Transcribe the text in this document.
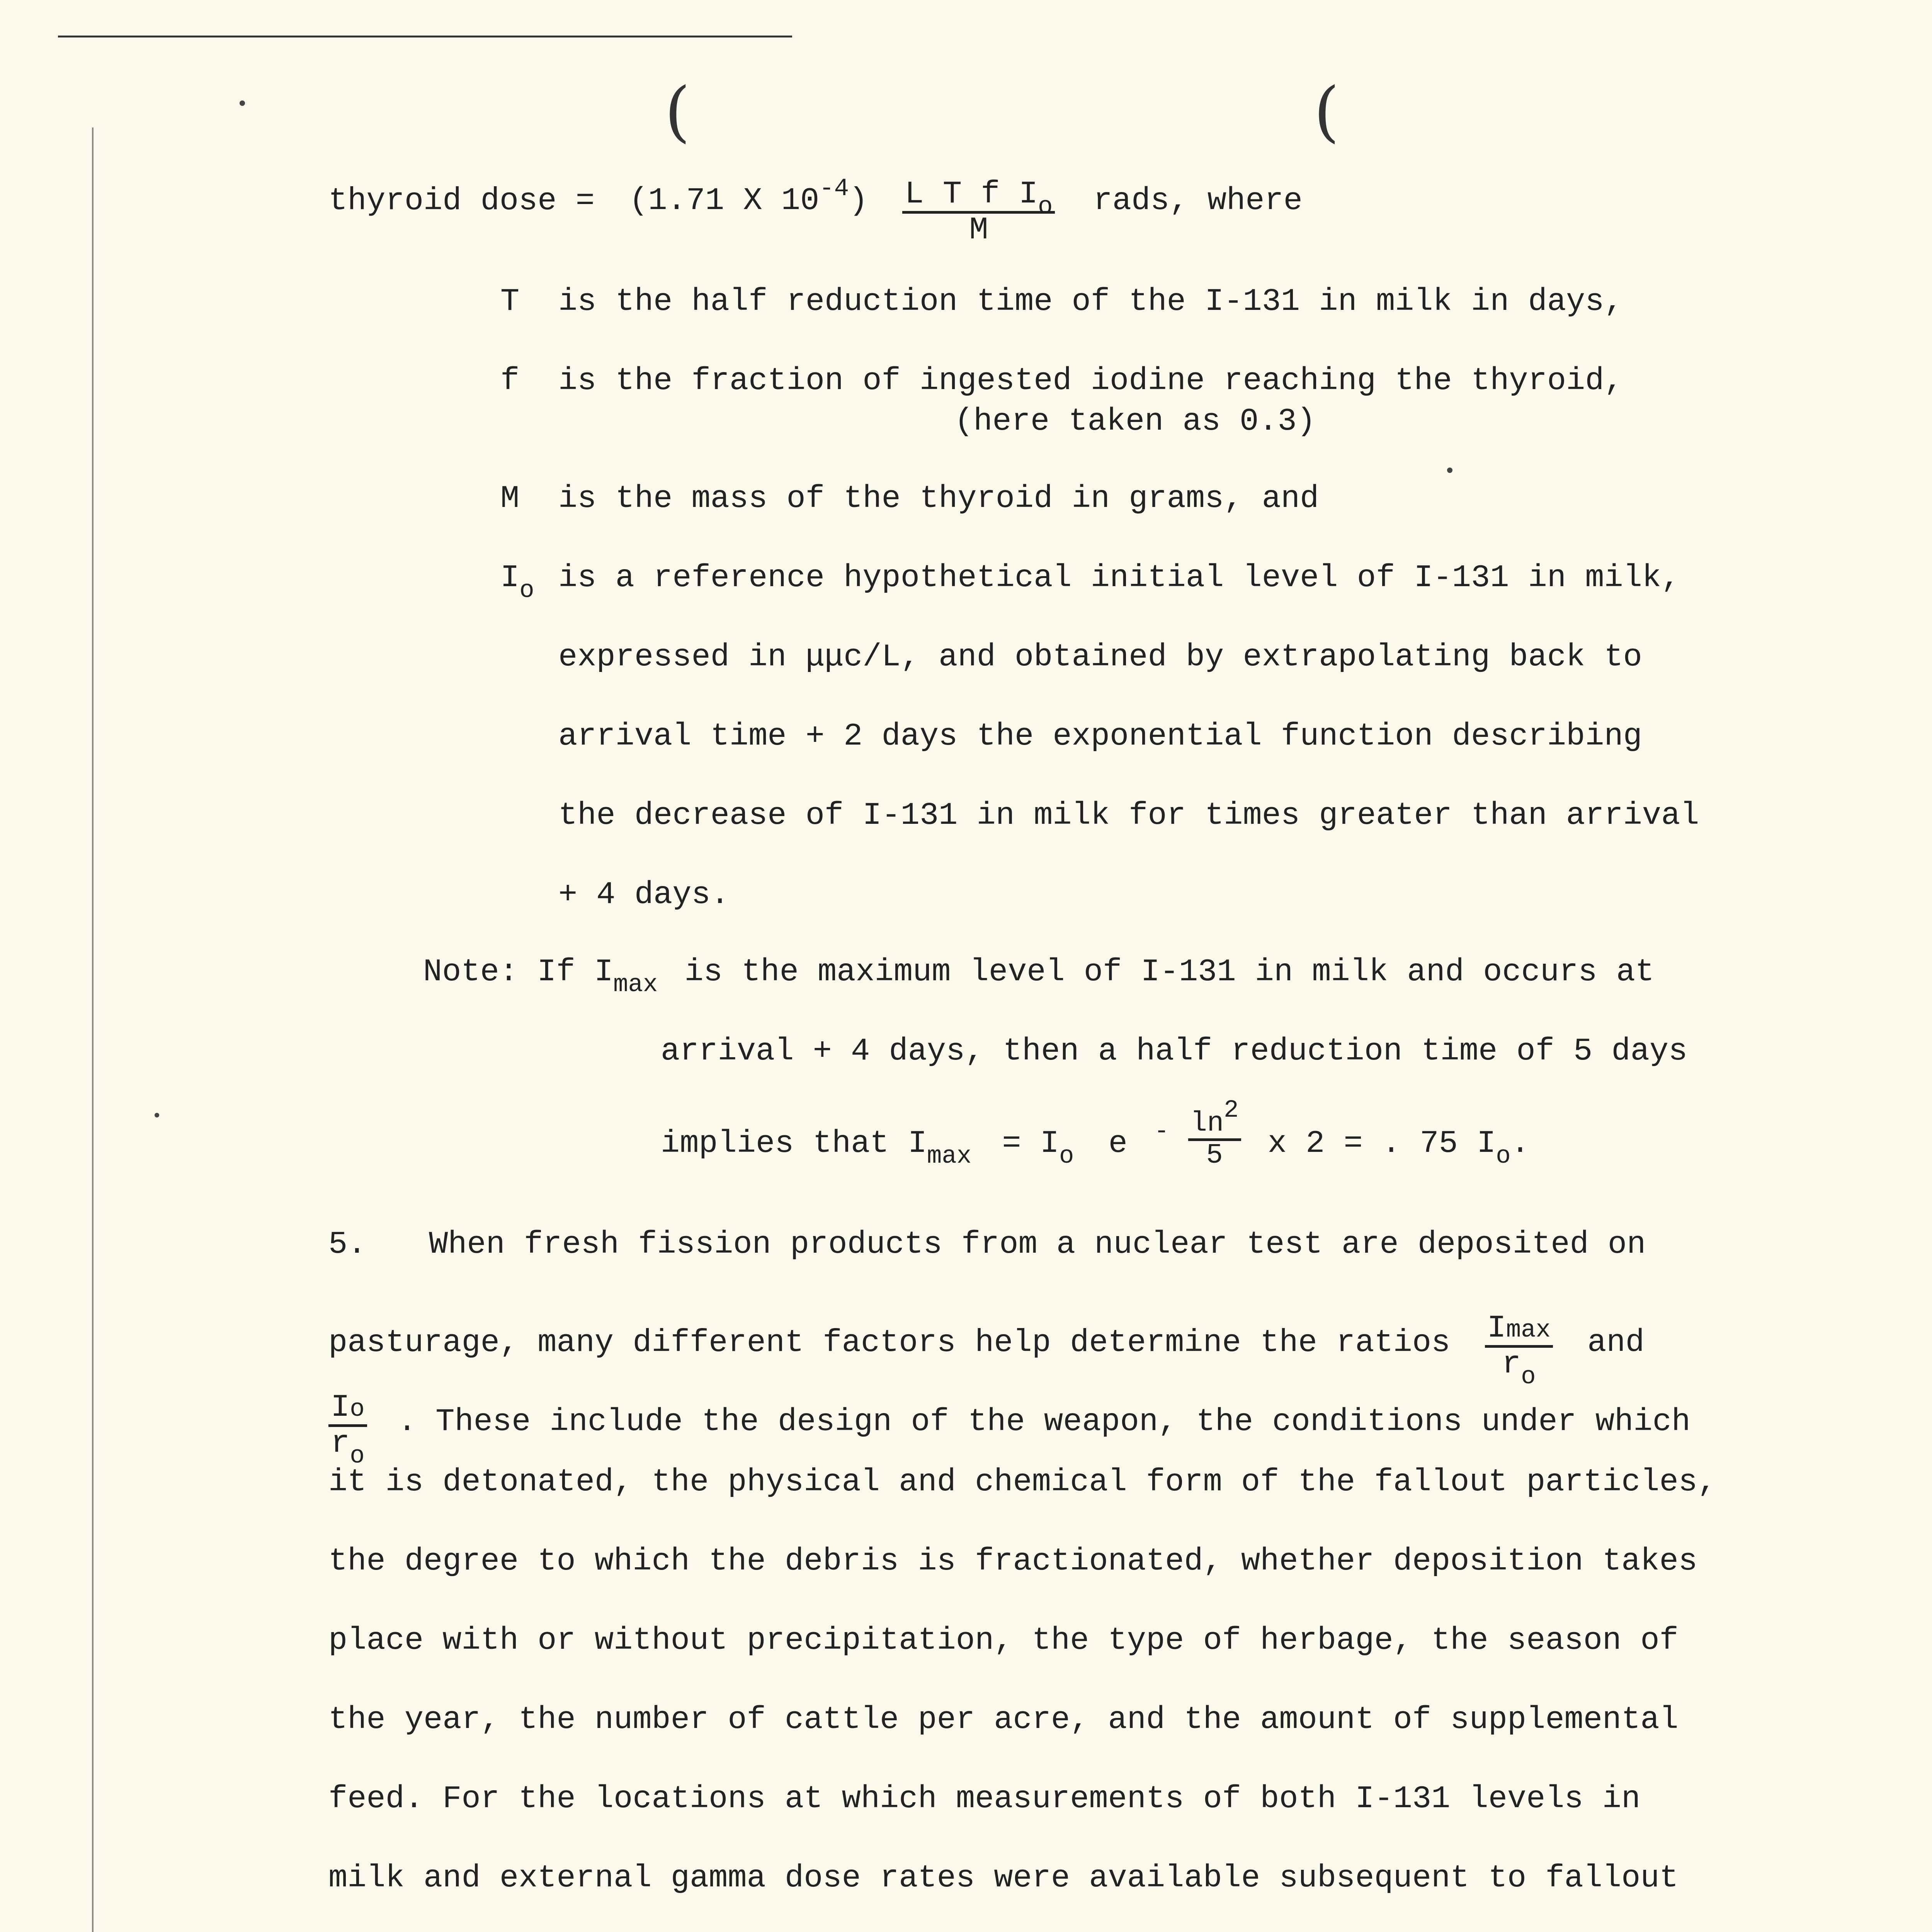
(	(
thyroid dose = (1.71 X $10^{-4}) \frac{L T f I_o}{M}$ rads, where
T is the half reduction time of the I-131 in milk in days,
f is the fraction of ingested iodine reaching the thyroid,
(here taken as 0.3)
M is the mass of the thyroid in grams, and
$I_o$ is a reference hypothetical initial level of I-131 in milk,
expressed in μμc/L, and obtained by extrapolating back to
arrival time + 2 days the exponential function describing
the decrease of I-131 in milk for times greater than arrival
+ 4 days.
Note: If $I_{max}$ is the maximum level of I-131 in milk and occurs at
arrival + 4 days, then a half reduction time of 5 days
implies that $I_{max} = I_o$ e $^- \frac{\ln 2}{5}$ x 2 = . 75 $I_o$.
5. When fresh fission products from a nuclear test are deposited on
pasturage, many different factors help determine the ratios $\frac{Imax}{r_o}$ and
$\frac{Io}{r_o}$ . These include the design of the weapon, the conditions under which
it is detonated, the physical and chemical form of the fallout particles,
the degree to which the debris is fractionated, whether deposition takes
place with or without precipitation, the type of herbage, the season of
the year, the number of cattle per acre, and the amount of supplemental
feed. For the locations at which measurements of both I-131 levels in
milk and external gamma dose rates were available subsequent to fallout
